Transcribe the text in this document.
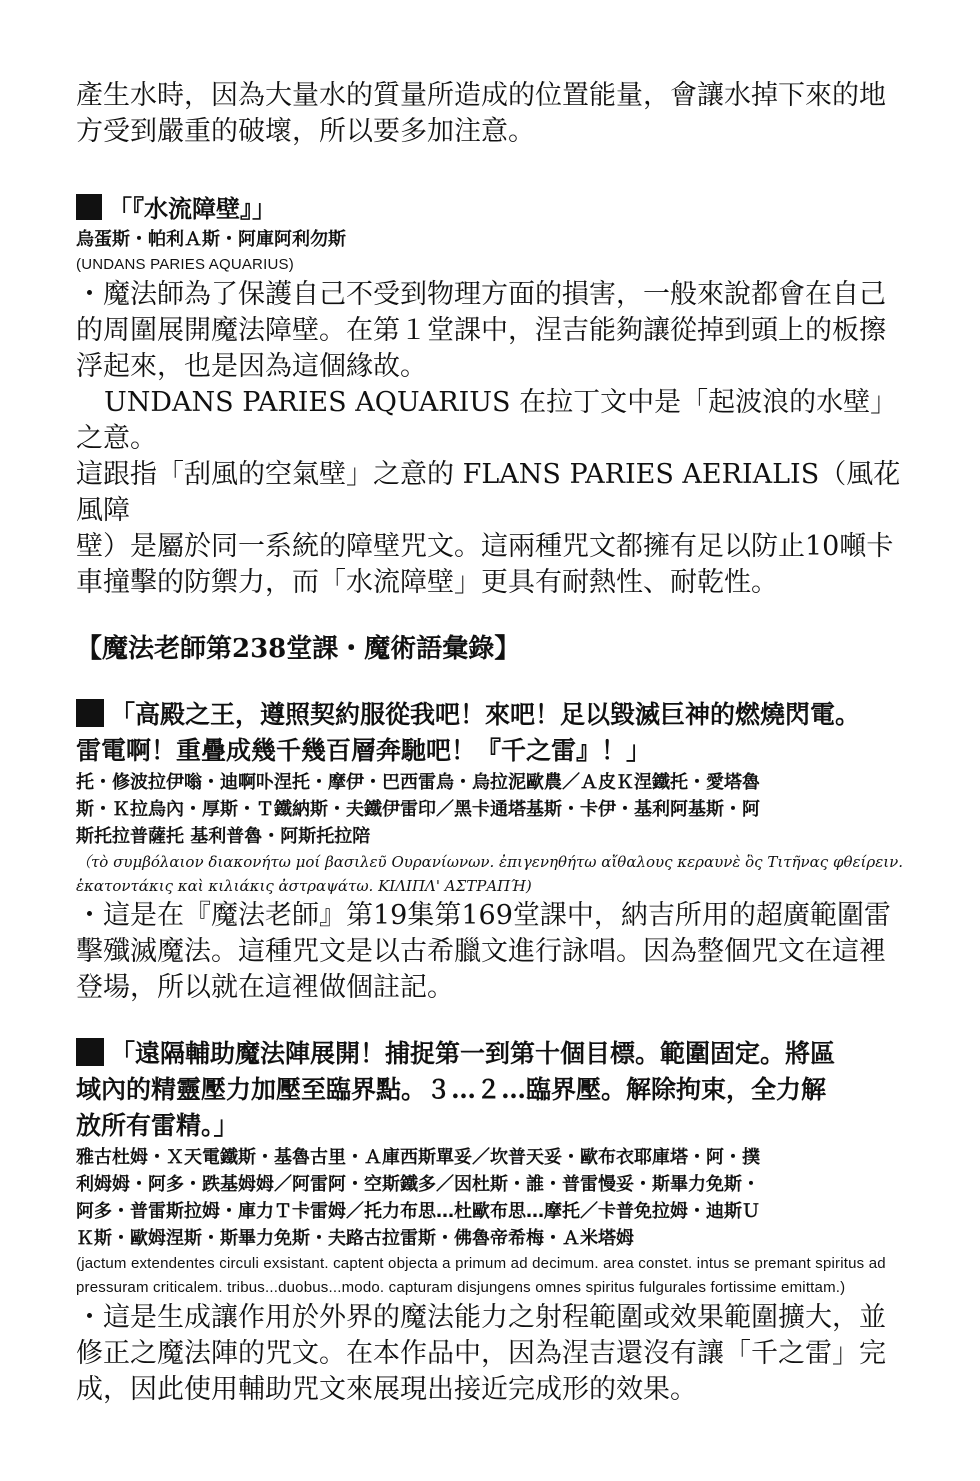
產生水時，因為大量水的質量所造成的位置能量，會讓水掉下來的地
方受到嚴重的破壞，所以要多加注意。

「『水流障壁』」

烏蛋斯・帕利Ａ斯・阿庫阿利勿斯

(UNDANS PARIES AQUARIUS)

・魔法師為了保護自己不受到物理方面的損害，一般來說都會在自己
的周圍展開魔法障壁。在第１堂課中，涅吉能夠讓從掉到頭上的板擦
浮起來，也是因為這個緣故。

UNDANS PARIES AQUARIUS 在拉丁文中是「起波浪的水壁」之意。
這跟指「刮風的空氣壁」之意的 FLANS PARIES AERIALIS（風花風障
壁）是屬於同一系統的障壁咒文。這兩種咒文都擁有足以防止10噸卡
車撞擊的防禦力，而「水流障壁」更具有耐熱性、耐乾性。

【魔法老師第238堂課・魔術語彙錄】

「高殿之王，遵照契約服從我吧！來吧！足以毀滅巨神的燃燒閃電。
雷電啊！重疊成幾千幾百層奔馳吧！『千之雷』！」

托・修波拉伊嗡・迪啊卟涅托・摩伊・巴西雷烏・烏拉泥歐農／Ａ皮Ｋ涅鐵托・愛塔魯
斯・Ｋ拉烏內・厚斯・Ｔ鐵納斯・夫鐵伊雷印／黑卡通塔基斯・卡伊・基利阿基斯・阿
斯托拉普薩托 基利普魯・阿斯托拉陪

（τὸ συμβόλαιον διακονήτω μοί βασιλεῦ Ουρανίωνων. ἐπιγενηθήτω αἴθαλους κεραυνὲ ὃς Τιτῆνας φθείρειν.
ἑκατοντάκις καὶ κιλιάκις ἀστραψάτω. ΚΙΛΙΠΛ' ΑΣΤΡΑΠΉ)

・這是在『魔法老師』第19集第169堂課中，納吉所用的超廣範圍雷
擊殲滅魔法。這種咒文是以古希臘文進行詠唱。因為整個咒文在這裡
登場，所以就在這裡做個註記。

「遠隔輔助魔法陣展開！捕捉第一到第十個目標。範圍固定。將區
域內的精靈壓力加壓至臨界點。３…２…臨界壓。解除拘束，全力解
放所有雷精。」

雅古杜姆・Ｘ天電鐵斯・基魯古里・Ａ庫西斯單妥／坎普天妥・歐布衣耶庫塔・阿・撲
利姆姆・阿多・跌基姆姆／阿雷阿・空斯鐵多／因杜斯・誰・普雷慢妥・斯畢力免斯・
阿多・普雷斯拉姆・庫力Ｔ卡雷姆／托力布思…杜歐布思…摩托／卡普免拉姆・迪斯Ｕ
Ｋ斯・歐姆涅斯・斯畢力免斯・夫路古拉雷斯・佛魯帝希梅・Ａ米塔姆

(jactum extendentes circuli exsistant. captent objecta a primum ad decimum. area constet. intus se premant spiritus ad
pressuram criticalem. tribus...duobus...modo. capturam disjungens omnes spiritus fulgurales fortissime emittam.)

・這是生成讓作用於外界的魔法能力之射程範圍或效果範圍擴大，並
修正之魔法陣的咒文。在本作品中，因為涅吉還沒有讓「千之雷」完
成，因此使用輔助咒文來展現出接近完成形的效果。
